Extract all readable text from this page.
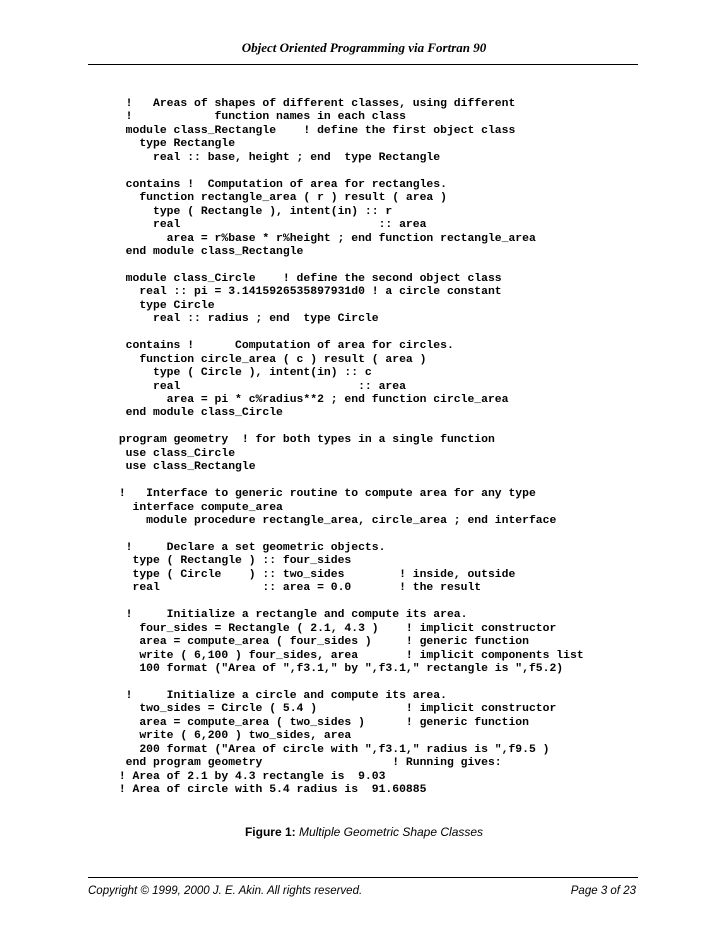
Object Oriented Programming via Fortran 90
!   Areas of shapes of different classes, using different
!            function names in each class
module class_Rectangle    ! define the first object class
type Rectangle
real :: base, height ; end  type Rectangle

contains !  Computation of area for rectangles.
function rectangle_area ( r ) result ( area )
type ( Rectangle ), intent(in) :: r
real                             :: area
area = r%base * r%height ; end function rectangle_area
end module class_Rectangle

module class_Circle    ! define the second object class
real :: pi = 3.1415926535897931d0 ! a circle constant
type Circle
real :: radius ; end  type Circle

contains !      Computation of area for circles.
function circle_area ( c ) result ( area )
type ( Circle ), intent(in) :: c
real                          :: area
area = pi * c%radius**2 ; end function circle_area
end module class_Circle

program geometry  ! for both types in a single function
use class_Circle
use class_Rectangle

!   Interface to generic routine to compute area for any type
interface compute_area
module procedure rectangle_area, circle_area ; end interface

!     Declare a set geometric objects.
type ( Rectangle ) :: four_sides
type ( Circle    ) :: two_sides        ! inside, outside
real               :: area = 0.0       ! the result

!     Initialize a rectangle and compute its area.
four_sides = Rectangle ( 2.1, 4.3 )    ! implicit constructor
area = compute_area ( four_sides )     ! generic function
write ( 6,100 ) four_sides, area       ! implicit components list
100 format ("Area of ",f3.1," by ",f3.1," rectangle is ",f5.2)

!     Initialize a circle and compute its area.
two_sides = Circle ( 5.4 )             ! implicit constructor
area = compute_area ( two_sides )      ! generic function
write ( 6,200 ) two_sides, area
200 format ("Area of circle with ",f3.1," radius is ",f9.5 )
end program geometry                   ! Running gives:
! Area of 2.1 by 4.3 rectangle is  9.03
! Area of circle with 5.4 radius is  91.60885
Figure 1: Multiple Geometric Shape Classes
Copyright © 1999, 2000 J. E. Akin. All rights reserved.	Page 3 of 23
